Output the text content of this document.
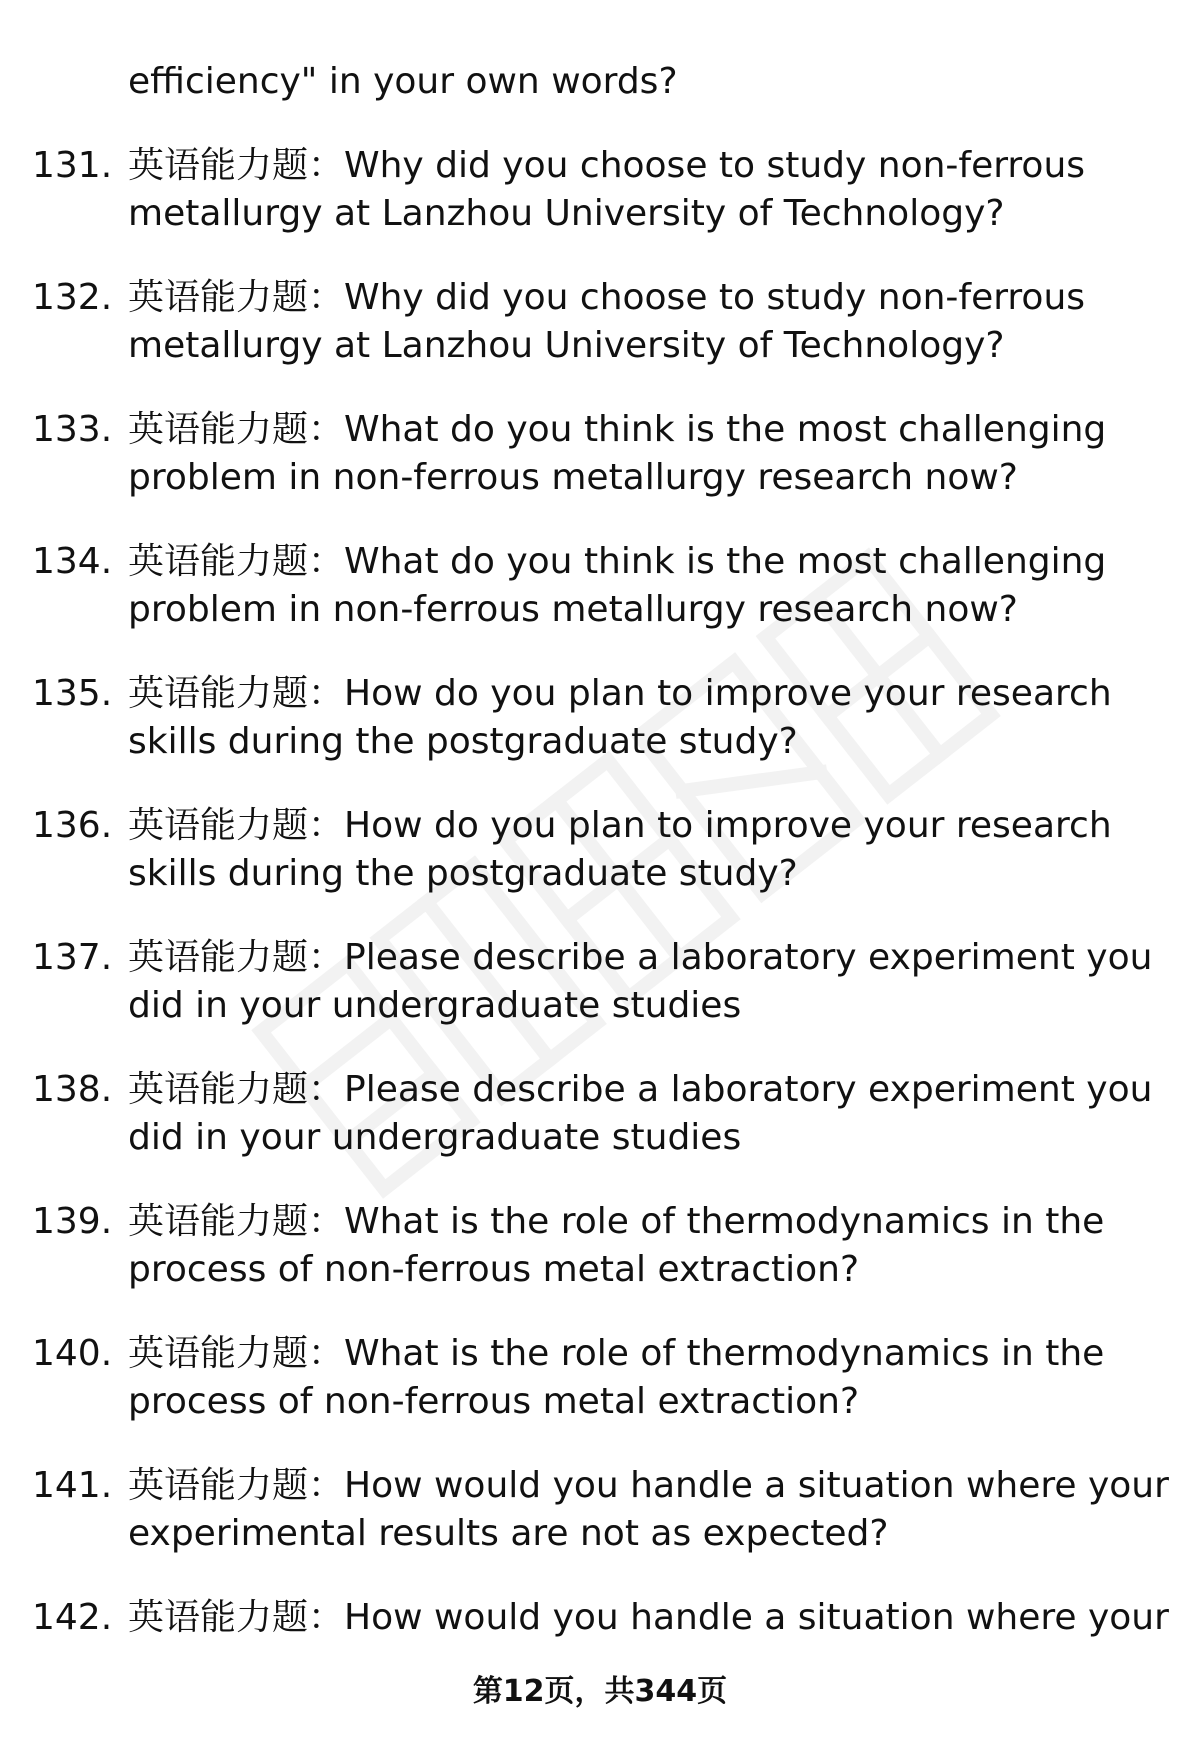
efficiency" in your own words?
131. 英语能力题：Why did you choose to study non-ferrous
metallurgy at Lanzhou University of Technology?
132. 英语能力题：Why did you choose to study non-ferrous
metallurgy at Lanzhou University of Technology?
133. 英语能力题：What do you think is the most challenging
problem in non-ferrous metallurgy research now?
134. 英语能力题：What do you think is the most challenging
problem in non-ferrous metallurgy research now?
135. 英语能力题：How do you plan to improve your research
skills during the postgraduate study?
136. 英语能力题：How do you plan to improve your research
skills during the postgraduate study?
137. 英语能力题：Please describe a laboratory experiment you
did in your undergraduate studies
138. 英语能力题：Please describe a laboratory experiment you
did in your undergraduate studies
139. 英语能力题：What is the role of thermodynamics in the
process of non-ferrous metal extraction?
140. 英语能力题：What is the role of thermodynamics in the
process of non-ferrous metal extraction?
141. 英语能力题：How would you handle a situation where your
experimental results are not as expected?
142. 英语能力题：How would you handle a situation where your
第12页，共344页
